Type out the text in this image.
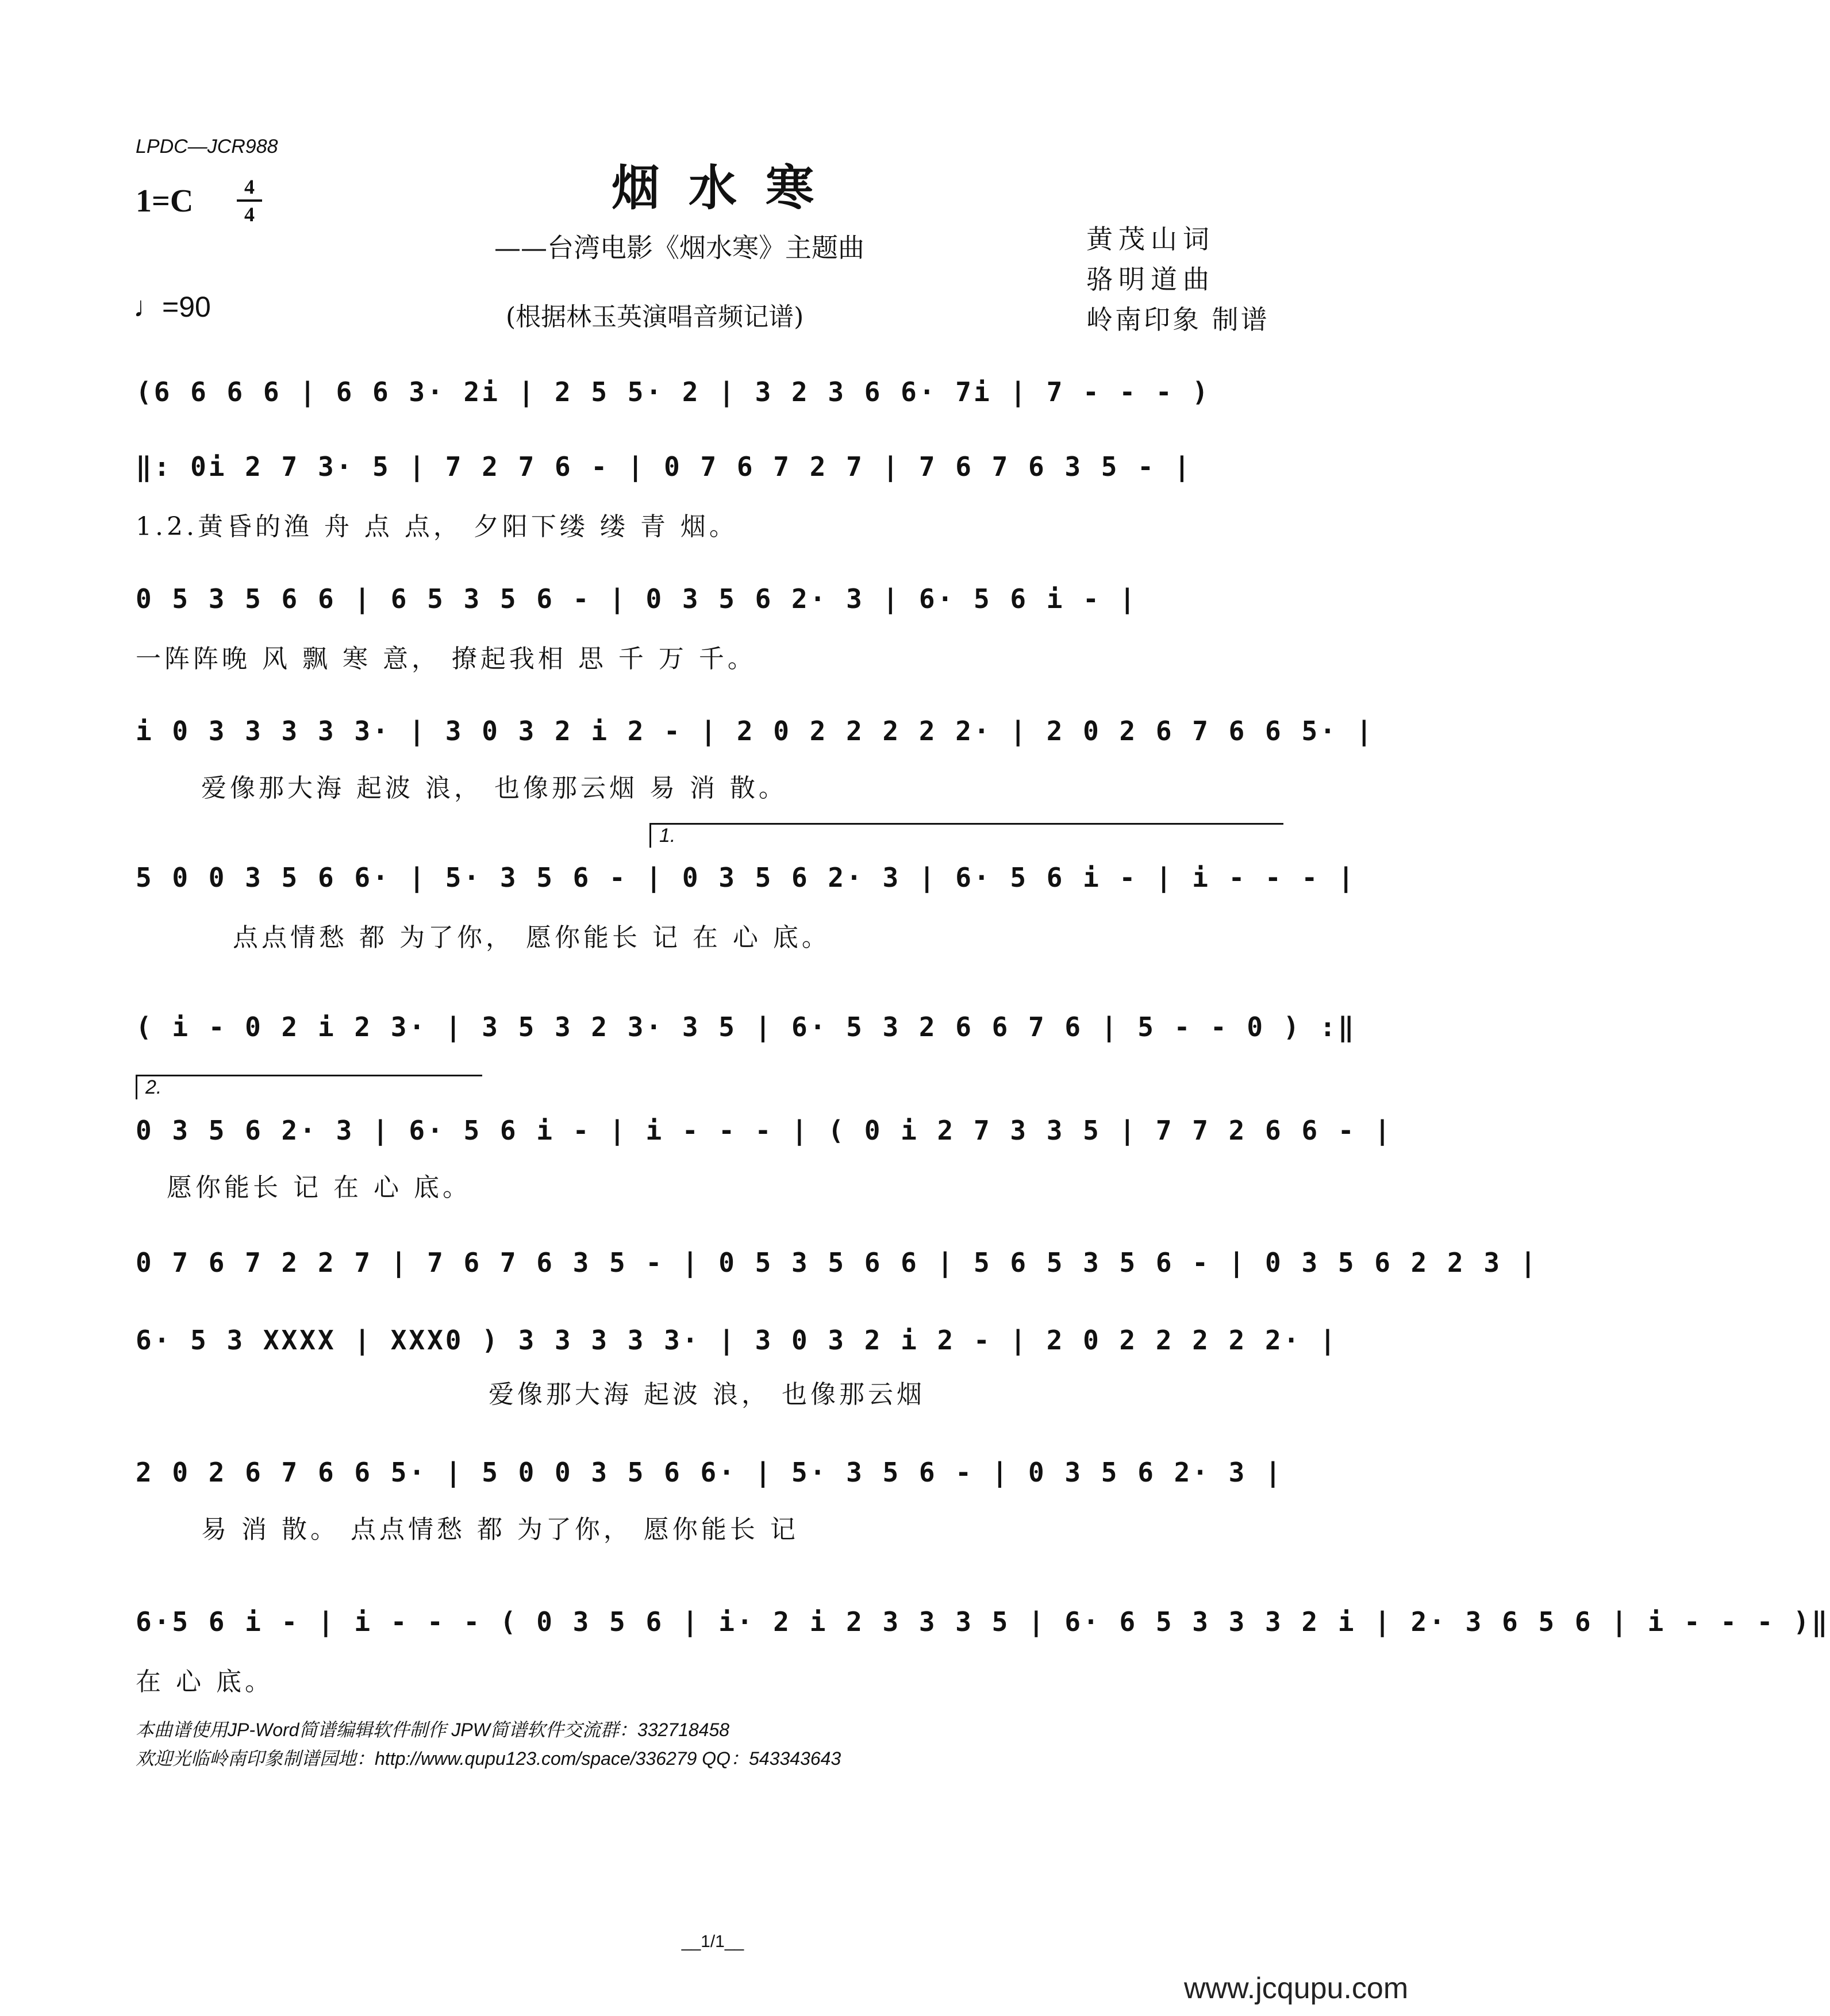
LPDC—JCR988
1=C	4
4
♩=90
烟水寒
——台湾电影《烟水寒》主题曲
(根据林玉英演唱音频记谱)
黄茂山词
骆明道曲
岭南印象 制谱
(6 6 6 6 | 6 6 3· 2i | 2 5 5· 2 | 3 2 3 6 6· 7i | 7 - - - )
‖: 0i 2 7 3· 5 | 7 2 7 6 - | 0 7 6 7 2 7 | 7 6 7 6 3 5 - |
1.2.黄昏的渔 舟 点 点， 夕阳下缕 缕 青 烟。
0 5 3 5 6 6 | 6 5 3 5 6 - | 0 3 5 6 2· 3 | 6· 5 6 i - |
一阵阵晚 风 飘 寒 意， 撩起我相 思 千 万 千。
i 0 3 3 3 3 3· | 3 0 3 2 i 2 - | 2 0 2 2 2 2 2· | 2 0 2 6 7 6 6 5· |
爱像那大海 起波 浪， 也像那云烟 易 消 散。
1.
5 0 0 3 5 6 6· | 5· 3 5 6 - | 0 3 5 6 2· 3 | 6· 5 6 i - | i - - - |
点点情愁 都 为了你， 愿你能长 记 在 心 底。
( i - 0 2 i 2 3· | 3 5 3 2 3· 3 5 | 6· 5 3 2 6 6 7 6 | 5 - - 0 ) :‖
2.
0 3 5 6 2· 3 | 6· 5 6 i - | i - - - | ( 0 i 2 7 3 3 5 | 7 7 2 6 6 - |
愿你能长 记 在 心 底。
0 7 6 7 2 2 7 | 7 6 7 6 3 5 - | 0 5 3 5 6 6 | 5 6 5 3 5 6 - | 0 3 5 6 2 2 3 |
6· 5 3 XXXX | XXX0 ) 3 3 3 3 3· | 3 0 3 2 i 2 - | 2 0 2 2 2 2 2· |
爱像那大海 起波 浪， 也像那云烟
2 0 2 6 7 6 6 5· | 5 0 0 3 5 6 6· | 5· 3 5 6 - | 0 3 5 6 2· 3 |
易 消 散。 点点情愁 都 为了你， 愿你能长 记
6·5 6 i - | i - - - ( 0 3 5 6 | i· 2 i 2 3 3 3 5 | 6· 6 5 3 3 3 2 i | 2· 3 6 5 6 | i - - - )‖
在 心 底。
本曲谱使用JP-Word简谱编辑软件制作 JPW简谱软件交流群：332718458
欢迎光临岭南印象制谱园地：http://www.qupu123.com/space/336279 QQ：543343643
__1/1__
www.jcqupu.com
